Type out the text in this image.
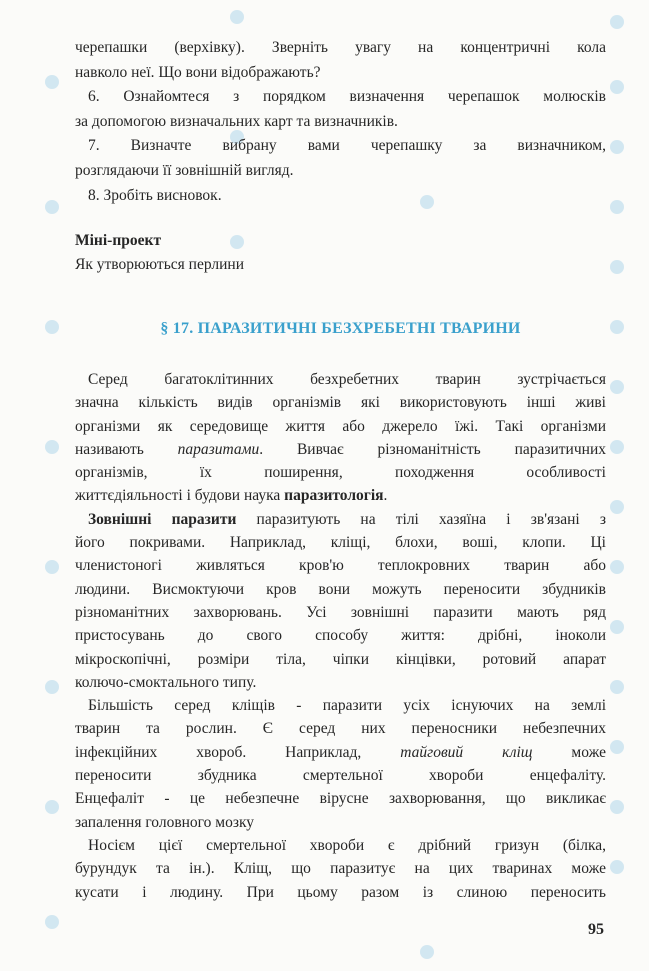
черепашки (верхівку). Зверніть увагу на концентричні кола
навколо неї. Що вони відображають?
6. Ознайомтеся з порядком визначення черепашок молюсків
за допомогою визначальних карт та визначників.
7. Визначте вибрану вами черепашку за визначником,
розглядаючи її зовнішній вигляд.
8. Зробіть висновок.
Міні-проект
Як утворюються перлини
§ 17. ПАРАЗИТИЧНІ БЕЗХРЕБЕТНІ ТВАРИНИ
Серед багатоклітинних безхребетних тварин зустрічається
значна кількість видів організмів які використовують інші живі
організми як середовище життя або джерело їжі. Такі організми
називають паразитами. Вивчає різноманітність паразитичних
організмів, їх поширення, походження особливості
життєдіяльності і будови наука паразитологія.
Зовнішні паразити паразитують на тілі хазяїна і зв'язані з
його покривами. Наприклад, кліщі, блохи, воші, клопи. Ці
членистоногі живляться кров'ю теплокровних тварин або
людини. Висмоктуючи кров вони можуть переносити збудників
різноманітних захворювань. Усі зовнішні паразити мають ряд
пристосувань до свого способу життя: дрібні, іноколи
мікроскопічні, розміри тіла, чіпки кінцівки, ротовий апарат
колючо-смоктального типу.
Більшість серед кліщів - паразити усіх існуючих на землі
тварин та рослин. Є серед них переносники небезпечних
інфекційних хвороб. Наприклад, тайговий кліщ може
переносити збудника смертельної хвороби енцефаліту.
Енцефаліт - це небезпечне вірусне захворювання, що викликає
запалення головного мозку
Носієм цієї смертельної хвороби є дрібний гризун (білка,
бурундук та ін.). Кліщ, що паразитує на цих тваринах може
кусати і людину. При цьому разом із слиною переносить
95
